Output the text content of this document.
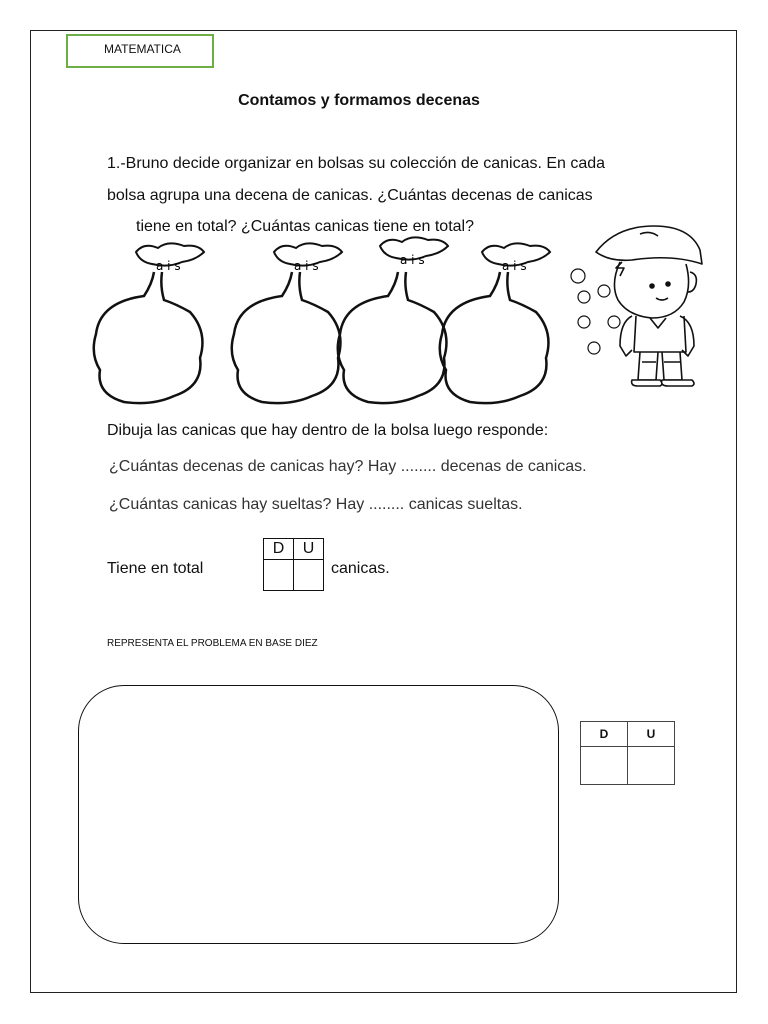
MATEMATICA
Contamos y formamos decenas
1.-Bruno decide organizar en bolsas su colección de canicas. En cada
bolsa agrupa una decena de canicas. ¿Cuántas decenas de canicas
tiene en total? ¿Cuántas canicas tiene en total?
a i s	a i s	a i s	a i s
Dibuja las canicas que hay dentro de la bolsa luego responde:
¿Cuántas decenas de canicas hay? Hay ........ decenas de canicas.
¿Cuántas canicas hay sueltas? Hay ........ canicas sueltas.
Tiene en total
D	U

canicas.
REPRESENTA EL PROBLEMA EN BASE DIEZ
D	U
